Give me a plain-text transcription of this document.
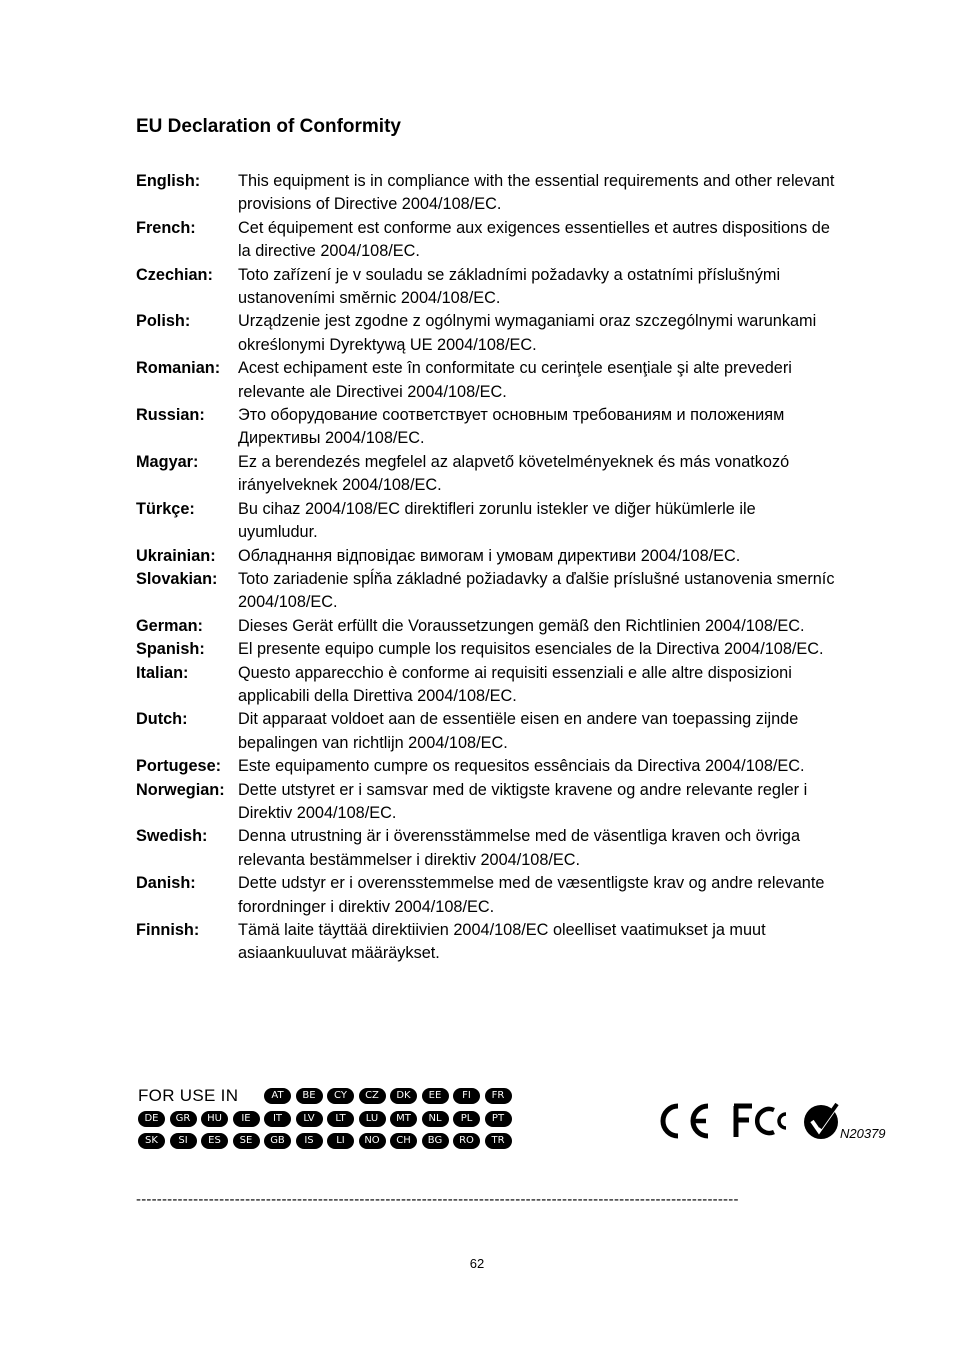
EU Declaration of Conformity
English:	This equipment is in compliance with the essential requirements and other relevant provisions of Directive 2004/108/EC.
French:	Cet équipement est conforme aux exigences essentielles et autres dispositions de la directive 2004/108/EC.
Czechian:	Toto zařízení je v souladu se základními požadavky a ostatními příslušnými ustanoveními směrnic 2004/108/EC.
Polish:	Urządzenie jest zgodne z ogólnymi wymaganiami oraz szczególnymi warunkami określonymi Dyrektywą UE 2004/108/EC.
Romanian:	Acest echipament este în conformitate cu cerinţele esenţiale şi alte prevederi relevante ale Directivei 2004/108/EC.
Russian:	Это оборудование соответствует основным требованиям и положениям Директивы 2004/108/EC.
Magyar:	Ez a berendezés megfelel az alapvető követelményeknek és más vonatkozó irányelveknek 2004/108/EC.
Türkçe:	Bu cihaz 2004/108/EC direktifleri zorunlu istekler ve diğer hükümlerle ile uyumludur.
Ukrainian:	Обладнання відповідає вимогам і умовам директиви 2004/108/EC.
Slovakian:	Toto zariadenie spĺňa základné požiadavky a ďalšie príslušné ustanovenia smerníc 2004/108/EC.
German:	Dieses Gerät erfüllt die Voraussetzungen gemäß den Richtlinien 2004/108/EC.
Spanish:	El presente equipo cumple los requisitos esenciales de la Directiva 2004/108/EC.
Italian:	Questo apparecchio è conforme ai requisiti essenziali e alle altre disposizioni applicabili della Direttiva 2004/108/EC.
Dutch:	Dit apparaat voldoet aan de essentiële eisen en andere van toepassing zijnde bepalingen van richtlijn 2004/108/EC.
Portugese:	Este equipamento cumpre os requesitos essênciais da Directiva 2004/108/EC.
Norwegian: Dette utstyret er i samsvar med de viktigste kravene og andre relevante regler i Direktiv 2004/108/EC.
Swedish:	Denna utrustning är i överensstämmelse med de väsentliga kraven och övriga relevanta bestämmelser i direktiv 2004/108/EC.
Danish:	Dette udstyr er i overensstemmelse med de væsentligste krav og andre relevante forordninger i direktiv 2004/108/EC.
Finnish:	Tämä laite täyttää direktiivien 2004/108/EC oleelliset vaatimukset ja muut asiaankuuluvat määräykset.
FOR USE IN	AT	BE	CY	CZ	DK	EE	FI	FR
DE	GR	HU	IE	IT	LV	LT	LU	MT	NL	PL	PT
SK	SI	ES	SE	GB	IS	LI	NO	CH	BG	RO	TR	N20379
--------------------------------------------------------------------------------------------------------------------
62
